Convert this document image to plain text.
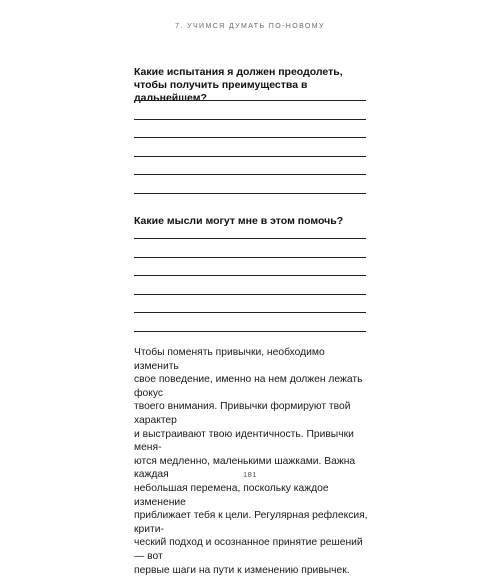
7. УЧИМСЯ ДУМАТЬ ПО-НОВОМУ
Какие испытания я должен преодолеть, чтобы получить преимущества в дальнейшем?
Какие мысли могут мне в этом помочь?
Чтобы поменять привычки, необходимо изменить
свое поведение, именно на нем должен лежать фокус
твоего внимания. Привычки формируют твой характер
и выстраивают твою идентичность. Привычки меня-
ются медленно, маленькими шажками. Важна каждая
небольшая перемена, поскольку каждое изменение
приближает тебя к цели. Регулярная рефлексия, крити-
ческий подход и осознанное принятие решений — вот
первые шаги на пути к изменению привычек.
181
